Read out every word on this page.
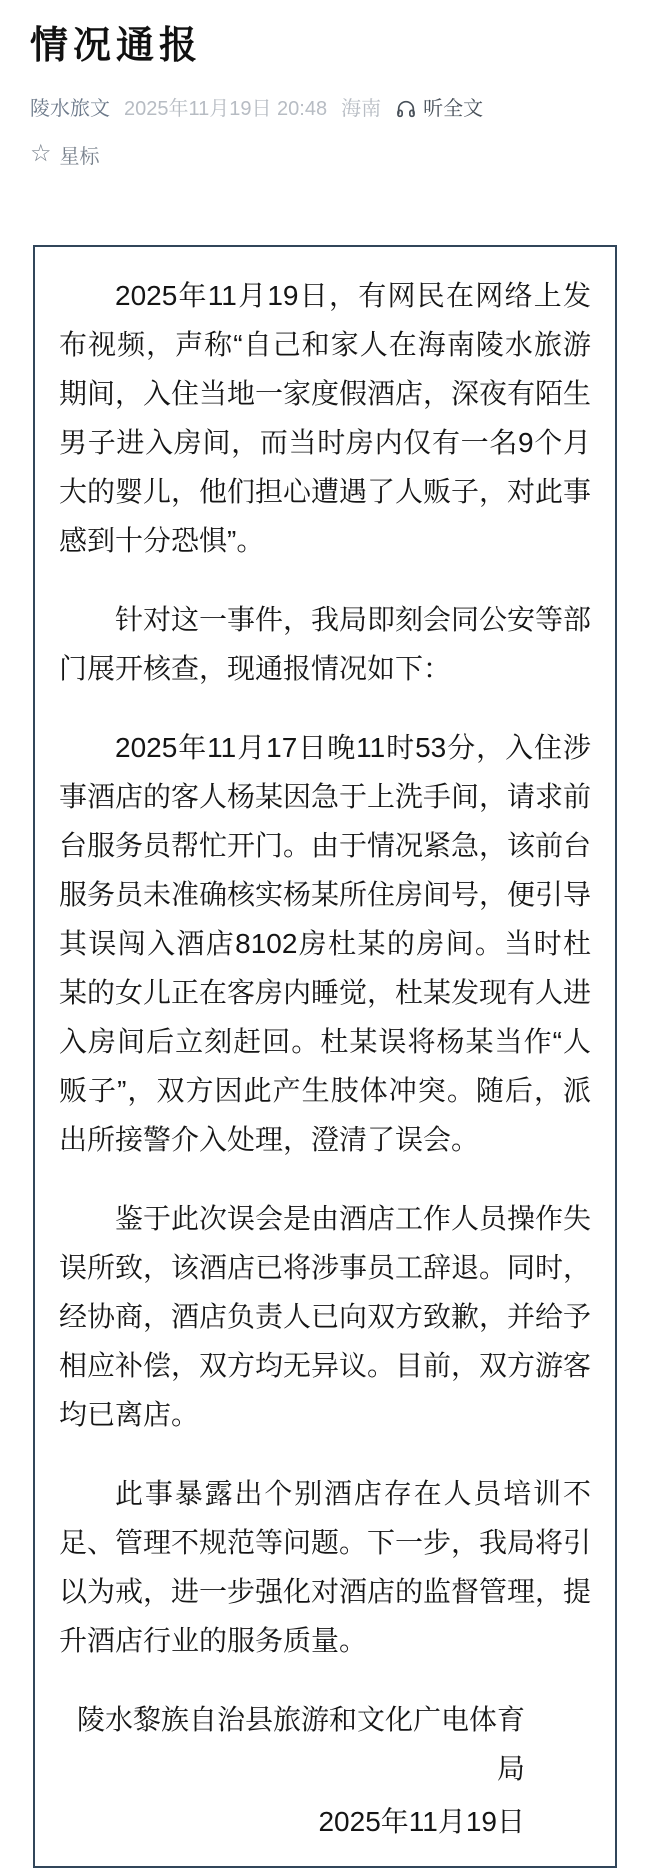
情况通报
陵水旅文 2025年11月19日 20:48 海南 听全文
☆ 星标

2025年11月19日，有网民在网络上发布视频，声称“自己和家人在海南陵水旅游期间，入住当地一家度假酒店，深夜有陌生男子进入房间，而当时房内仅有一名9个月大的婴儿，他们担心遭遇了人贩子，对此事感到十分恐惧”。

针对这一事件，我局即刻会同公安等部门展开核查，现通报情况如下：

2025年11月17日晚11时53分，入住涉事酒店的客人杨某因急于上洗手间，请求前台服务员帮忙开门。由于情况紧急，该前台服务员未准确核实杨某所住房间号，便引导其误闯入酒店8102房杜某的房间。当时杜某的女儿正在客房内睡觉，杜某发现有人进入房间后立刻赶回。杜某误将杨某当作“人贩子”，双方因此产生肢体冲突。随后，派出所接警介入处理，澄清了误会。

鉴于此次误会是由酒店工作人员操作失误所致，该酒店已将涉事员工辞退。同时，经协商，酒店负责人已向双方致歉，并给予相应补偿，双方均无异议。目前，双方游客均已离店。

此事暴露出个别酒店存在人员培训不足、管理不规范等问题。下一步，我局将引以为戒，进一步强化对酒店的监督管理，提升酒店行业的服务质量。

陵水黎族自治县旅游和文化广电体育局
2025年11月19日
